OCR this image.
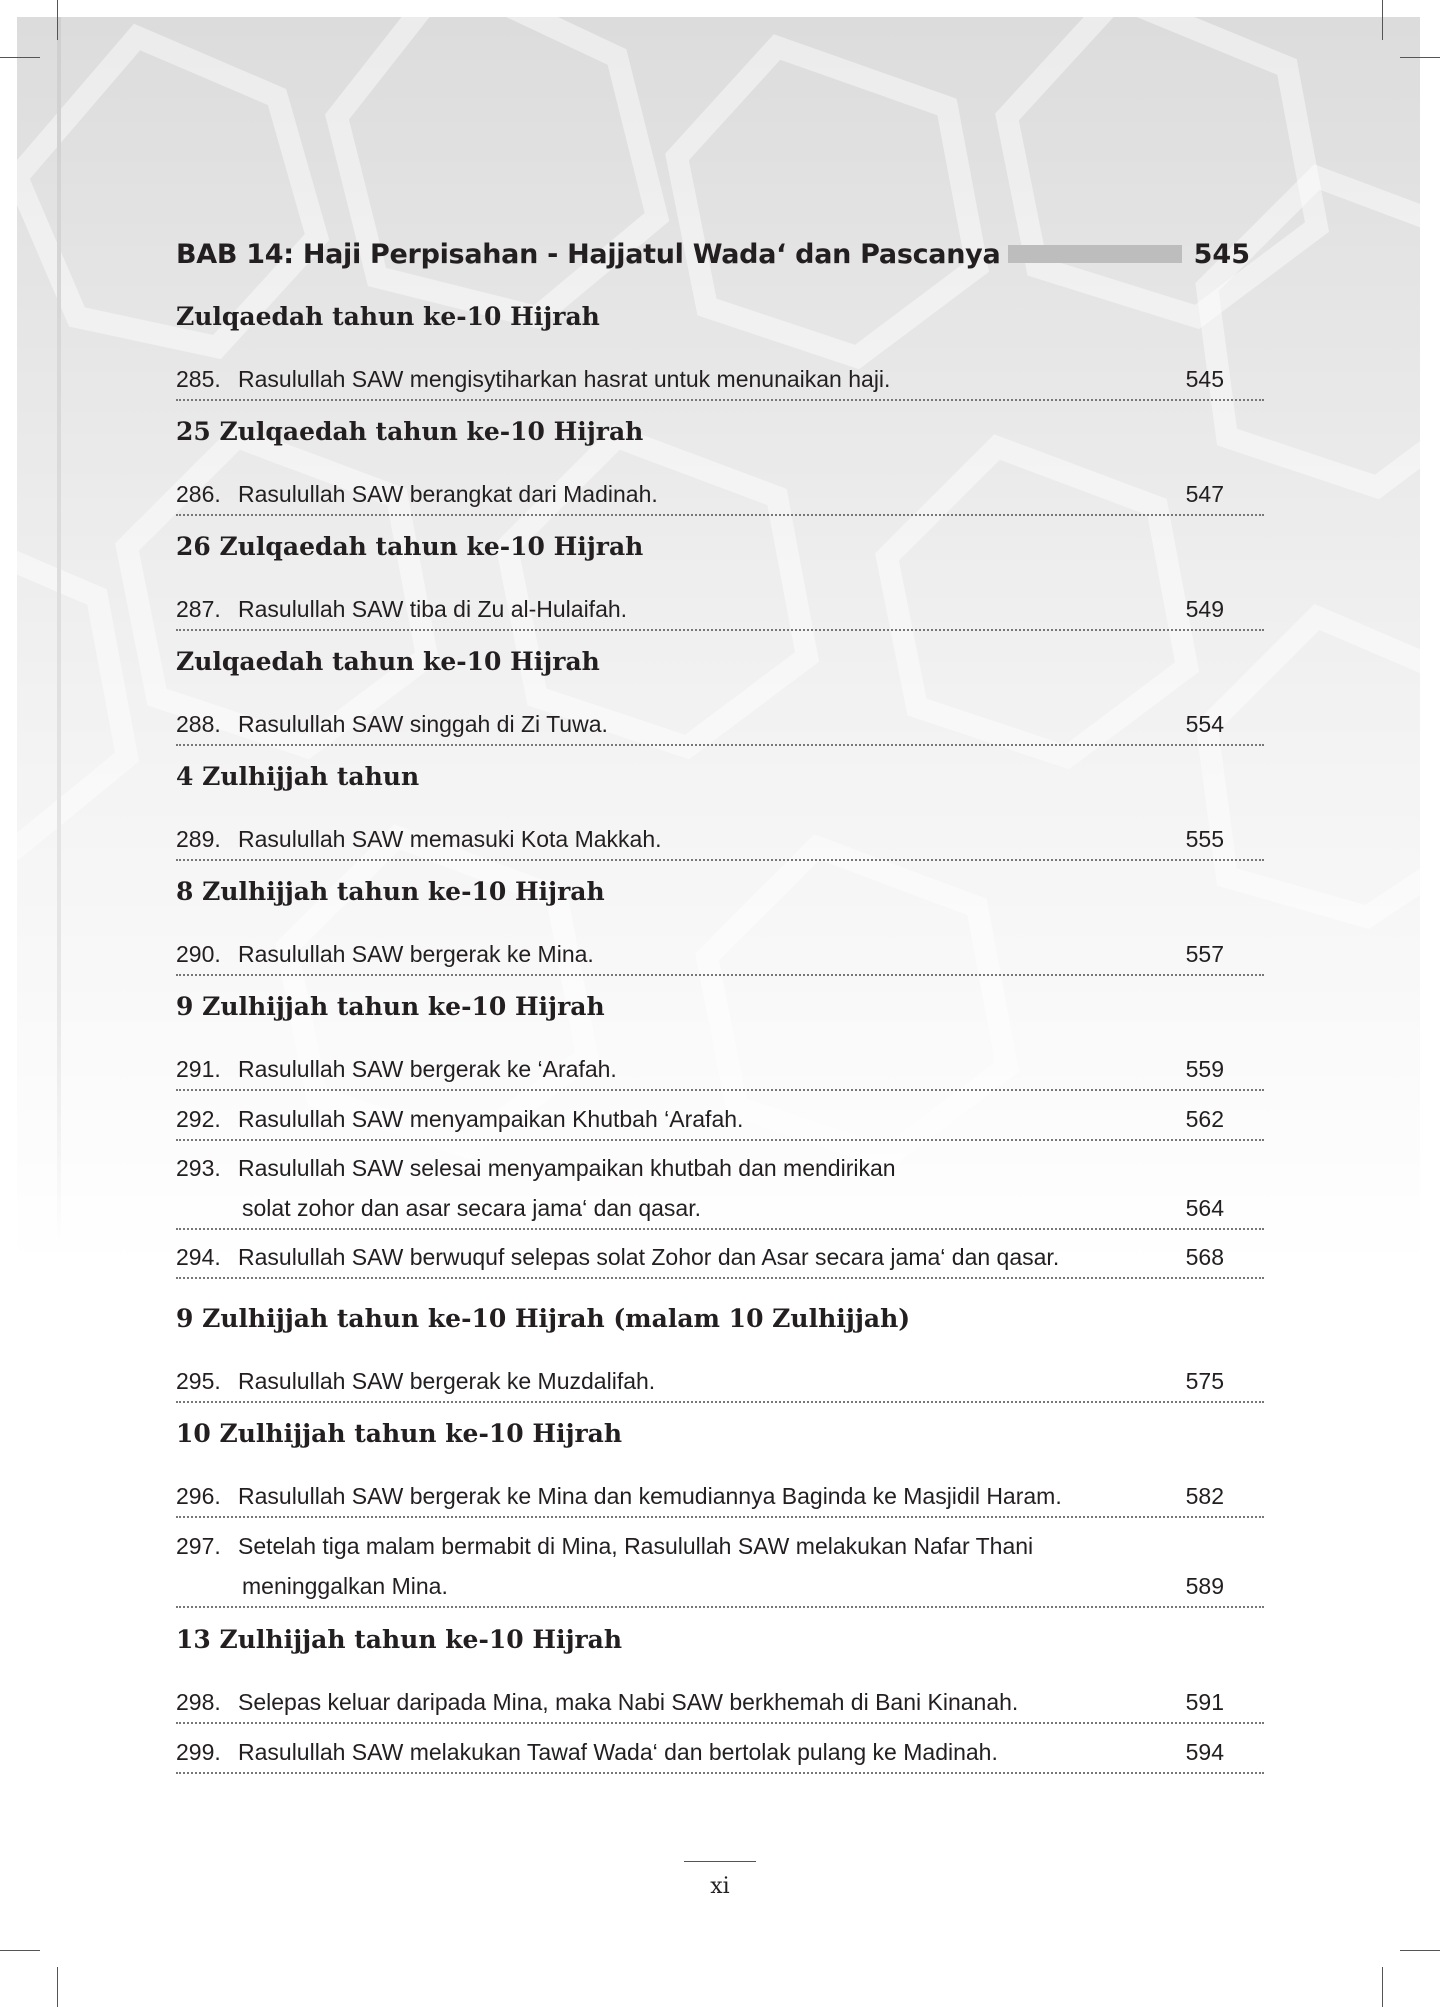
BAB 14: Haji Perpisahan - Hajjatul Wada‘ dan Pascanya	545
Zulqaedah tahun ke-10 Hijrah
285. Rasulullah SAW mengisytiharkan hasrat untuk menunaikan haji.	545
25 Zulqaedah tahun ke-10 Hijrah
286. Rasulullah SAW berangkat dari Madinah.	547
26 Zulqaedah tahun ke-10 Hijrah
287. Rasulullah SAW tiba di Zu al-Hulaifah.	549
Zulqaedah tahun ke-10 Hijrah
288. Rasulullah SAW singgah di Zi Tuwa.	554
4 Zulhijjah tahun
289. Rasulullah SAW memasuki Kota Makkah.	555
8 Zulhijjah tahun ke-10 Hijrah
290. Rasulullah SAW bergerak ke Mina.	557
9 Zulhijjah tahun ke-10 Hijrah
291. Rasulullah SAW bergerak ke ‘Arafah.	559
292. Rasulullah SAW menyampaikan Khutbah ‘Arafah.	562
293. Rasulullah SAW selesai menyampaikan khutbah dan mendirikan
solat zohor dan asar secara jama‘ dan qasar.	564
294. Rasulullah SAW berwuquf selepas solat Zohor dan Asar secara jama‘ dan qasar.	568
9 Zulhijjah tahun ke-10 Hijrah (malam 10 Zulhijjah)
295. Rasulullah SAW bergerak ke Muzdalifah.	575
10 Zulhijjah tahun ke-10 Hijrah
296. Rasulullah SAW bergerak ke Mina dan kemudiannya Baginda ke Masjidil Haram.	582
297. Setelah tiga malam bermabit di Mina, Rasulullah SAW melakukan Nafar Thani
meninggalkan Mina.	589
13 Zulhijjah tahun ke-10 Hijrah
298. Selepas keluar daripada Mina, maka Nabi SAW berkhemah di Bani Kinanah.	591
299. Rasulullah SAW melakukan Tawaf Wada‘ dan bertolak pulang ke Madinah.	594
xi
